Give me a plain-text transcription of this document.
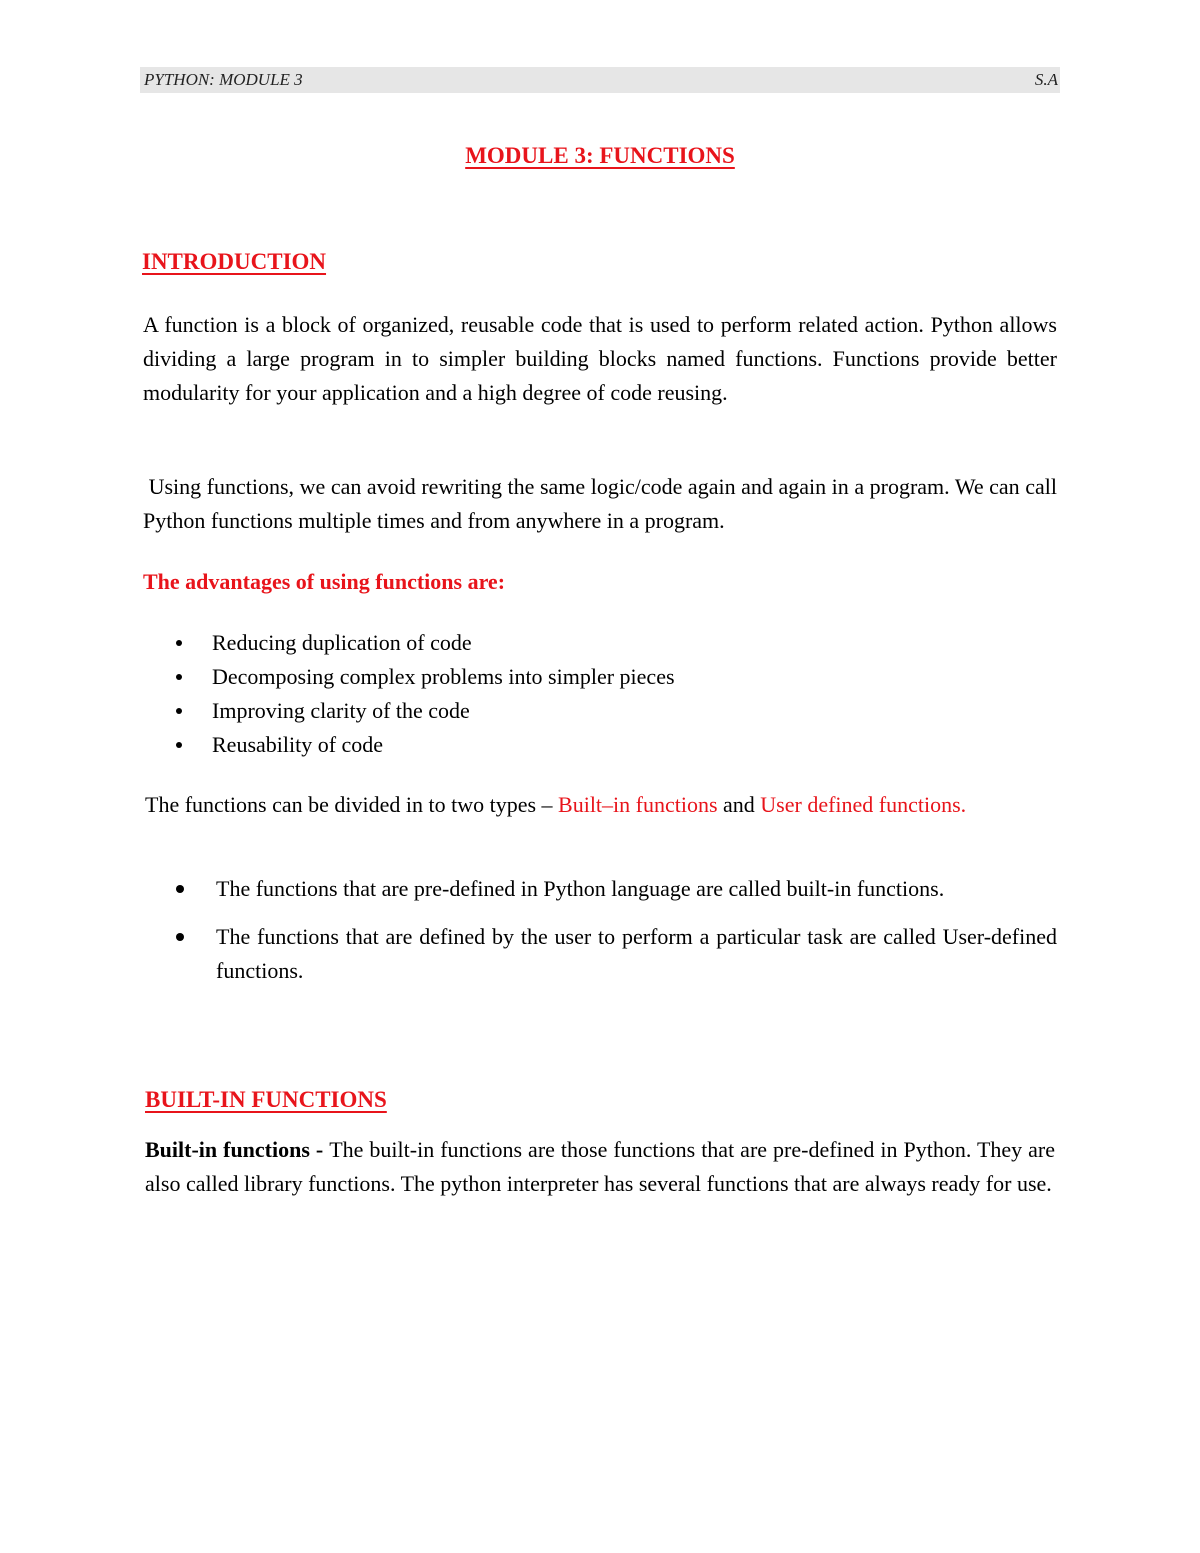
PYTHON: MODULE 3	S.A
MODULE 3: FUNCTIONS
INTRODUCTION
A function is a block of organized, reusable code that is used to perform related action. Python allows dividing a large program in to simpler building blocks named functions. Functions provide better modularity for your application and a high degree of code reusing.
Using functions, we can avoid rewriting the same logic/code again and again in a program. We can call Python functions multiple times and from anywhere in a program.
The advantages of using functions are:
Reducing duplication of code
Decomposing complex problems into simpler pieces
Improving clarity of the code
Reusability of code
The functions can be divided in to two types – Built–in functions and User defined functions.
The functions that are pre-defined in Python language are called built-in functions.
The functions that are defined by the user to perform a particular task are called User-defined functions.
BUILT-IN FUNCTIONS
Built-in functions - The built-in functions are those functions that are pre-defined in Python. They are also called library functions. The python interpreter has several functions that are always ready for use.
